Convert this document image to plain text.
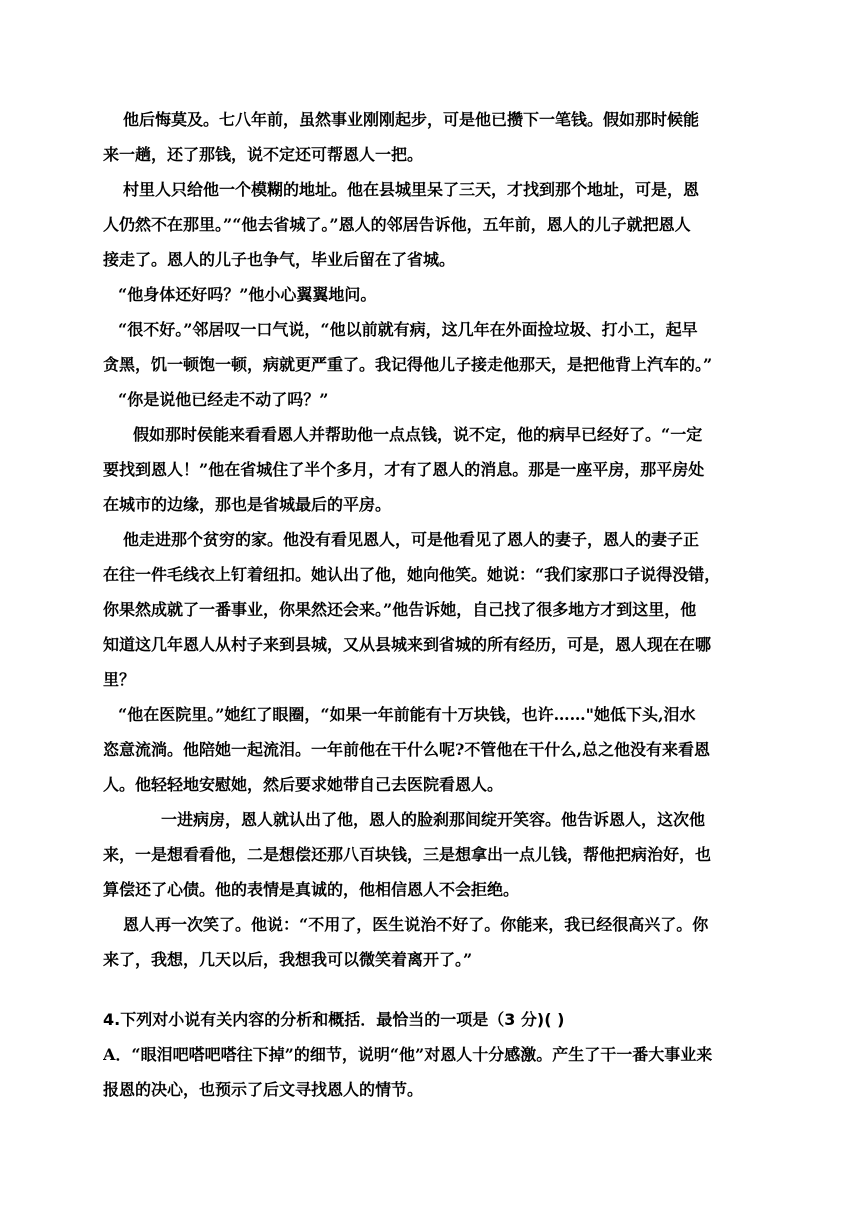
他后悔莫及。七八年前，虽然事业刚刚起步，可是他已攒下一笔钱。假如那时候能
来一趟，还了那钱，说不定还可帮恩人一把。
村里人只给他一个模糊的地址。他在县城里呆了三天，才找到那个地址，可是，恩
人仍然不在那里。”“他去省城了。”恩人的邻居告诉他，五年前，恩人的儿子就把恩人
接走了。恩人的儿子也争气，毕业后留在了省城。
“他身体还好吗？”他小心翼翼地问。
“很不好。”邻居叹一口气说，“他以前就有病，这几年在外面捡垃圾、打小工，起早
贪黑，饥一顿饱一顿，病就更严重了。我记得他儿子接走他那天，是把他背上汽车的。”
“你是说他已经走不动了吗？”
假如那时侯能来看看恩人并帮助他一点点钱，说不定，他的病早已经好了。“一定
要找到恩人！”他在省城住了半个多月，才有了恩人的消息。那是一座平房，那平房处
在城市的边缘，那也是省城最后的平房。
他走进那个贫穷的家。他没有看见恩人，可是他看见了恩人的妻子，恩人的妻子正
在往一件毛线衣上钉着纽扣。她认出了他，她向他笑。她说：“我们家那口子说得没错，
你果然成就了一番事业，你果然还会来。”他告诉她，自己找了很多地方才到这里，他
知道这几年恩人从村子来到县城，又从县城来到省城的所有经历，可是，恩人现在在哪
里？
“他在医院里。”她红了眼圈，“如果一年前能有十万块钱，也许……"她低下头,泪水
恣意流淌。他陪她一起流泪。一年前他在干什么呢?不管他在干什么,总之他没有来看恩
人。他轻轻地安慰她，然后要求她带自己去医院看恩人。
一进病房，恩人就认出了他，恩人的脸刹那间绽开笑容。他告诉恩人，这次他
来，一是想看看他，二是想偿还那八百块钱，三是想拿出一点儿钱，帮他把病治好，也
算偿还了心债。他的表情是真诚的，他相信恩人不会拒绝。
恩人再一次笑了。他说：“不用了，医生说治不好了。你能来，我已经很高兴了。你
来了，我想，几天以后，我想我可以微笑着离开了。”
4.下列对小说有关内容的分析和概括．最恰当的一项是（3 分)( )
A．“眼泪吧嗒吧嗒往下掉”的细节，说明“他”对恩人十分感激。产生了干一番大事业来
报恩的决心，也预示了后文寻找恩人的情节。
